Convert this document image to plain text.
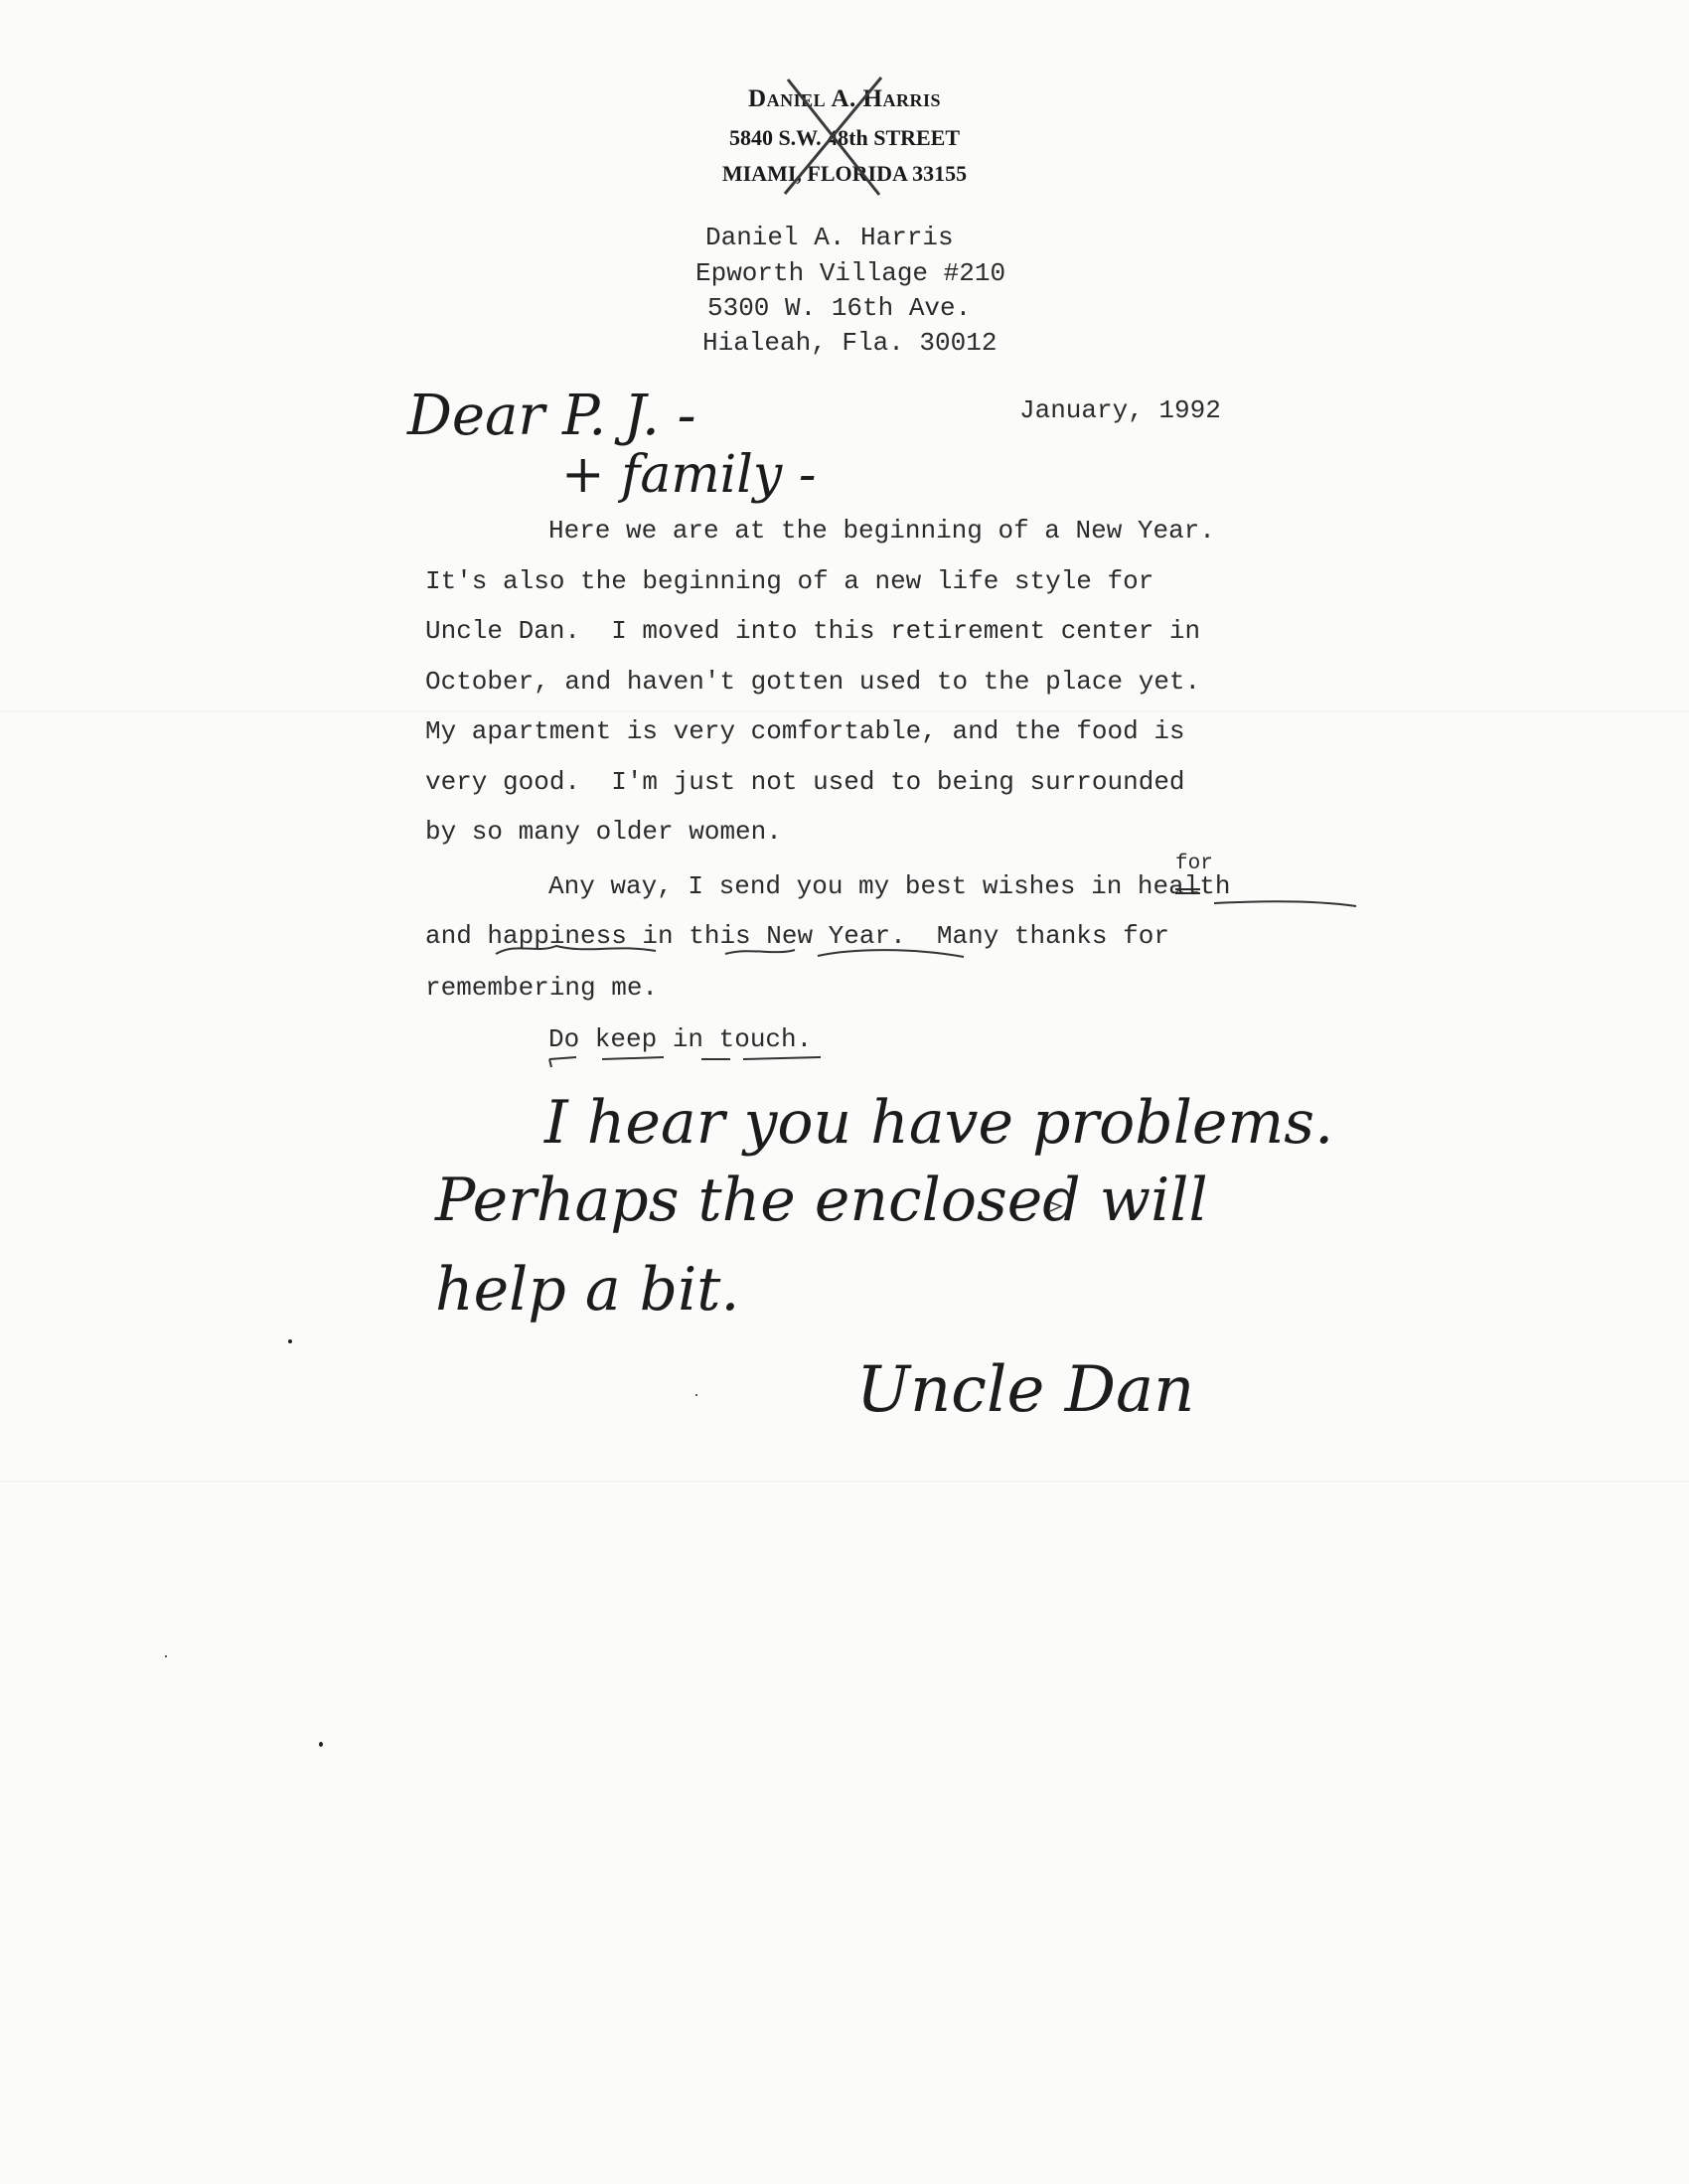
Daniel A. Harris
5840 S.W. 48th STREET
MIAMI, FLORIDA 33155
Daniel A. Harris
Epworth Village #210
5300 W. 16th Ave.
Hialeah, Fla. 30012
January, 1992
Dear P. J. -
+ family -
Here we are at the beginning of a New Year.
It's also the beginning of a new life style for
Uncle Dan.  I moved into this retirement center in
October, and haven't gotten used to the place yet.
My apartment is very comfortable, and the food is
very good.  I'm just not used to being surrounded
by so many older women.
for
Any way, I send you my best wishes in health
and happiness in this New Year.  Many thanks for
remembering me.
Do keep in touch.
I hear you have problems.
Perhaps the enclosed will
help a bit.
Uncle Dan
